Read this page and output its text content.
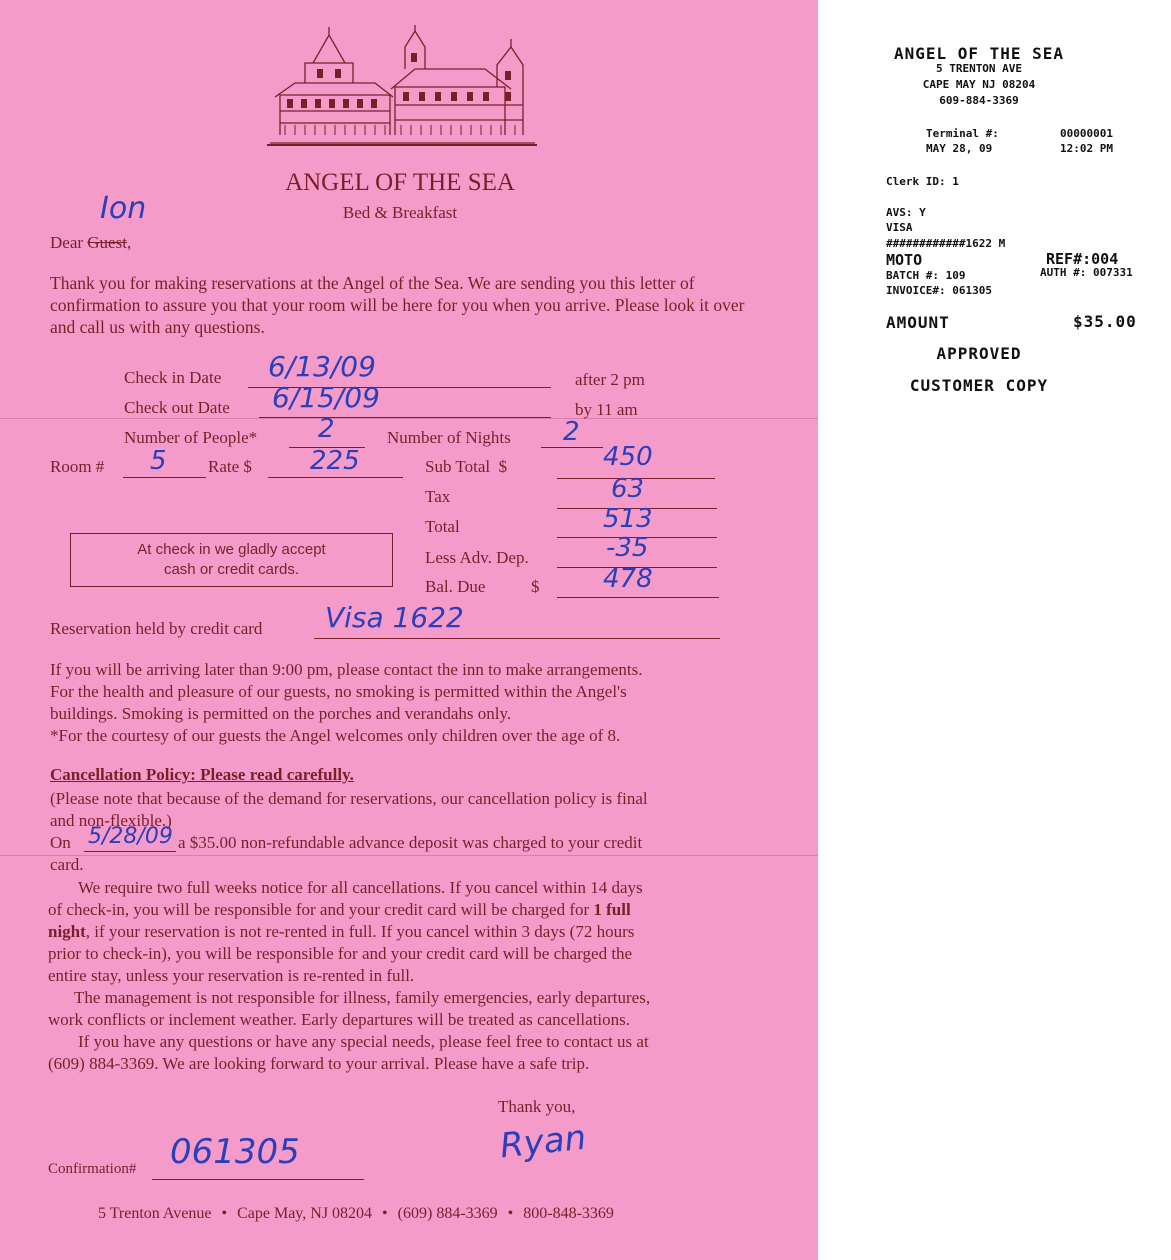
ANGEL OF THE SEA
Bed & Breakfast
Dear Guest,
Ion
Thank you for making reservations at the Angel of the Sea. We are sending you this letter of confirmation to assure you that your room will be here for you when you arrive. Please look it over and call us with any questions.
Check in Date 6/13/09	after 2 pm
Check out Date 6/15/09	by 11 am
Number of People* 2	Number of Nights 2
Room # 5 Rate $ 225	Sub Total  $	450
Tax	63
Total	513
Less Adv. Dep.	-35
Bal. Due	$ 478
At check in we gladly accept
cash or credit cards.
Reservation held by credit card Visa 1622
If you will be arriving later than 9:00 pm, please contact the inn to make arrangements.
For the health and pleasure of our guests, no smoking is permitted within the Angel's
buildings. Smoking is permitted on the porches and verandahs only.
*For the courtesy of our guests the Angel welcomes only children over the age of 8.
Cancellation Policy: Please read carefully.
(Please note that because of the demand for reservations, our cancellation policy is final
and non-flexible.)
On 5/28/09 a $35.00 non-refundable advance deposit was charged to your credit
card.
We require two full weeks notice for all cancellations. If you cancel within 14 days
of check-in, you will be responsible for and your credit card will be charged for 1 full
night, if your reservation is not re-rented in full. If you cancel within 3 days (72 hours
prior to check-in), you will be responsible for and your credit card will be charged the
entire stay, unless your reservation is re-rented in full.
The management is not responsible for illness, family emergencies, early departures,
work conflicts or inclement weather. Early departures will be treated as cancellations.
If you have any questions or have any special needs, please feel free to contact us at
(609) 884-3369. We are looking forward to your arrival. Please have a safe trip.
Thank you,
Ryan
Confirmation# 061305
5 Trenton Avenue • Cape May, NJ 08204 • (609) 884-3369 • 800-848-3369
ANGEL OF THE SEA
5 TRENTON AVE
CAPE MAY NJ 08204
609-884-3369
Terminal #:	00000001
MAY 28, 09	12:02 PM
Clerk ID: 1
AVS: Y
VISA
############1622 M
MOTO	REF#:004
BATCH #: 109	AUTH #: 007331
INVOICE#: 061305
AMOUNT	$35.00
APPROVED
CUSTOMER COPY
